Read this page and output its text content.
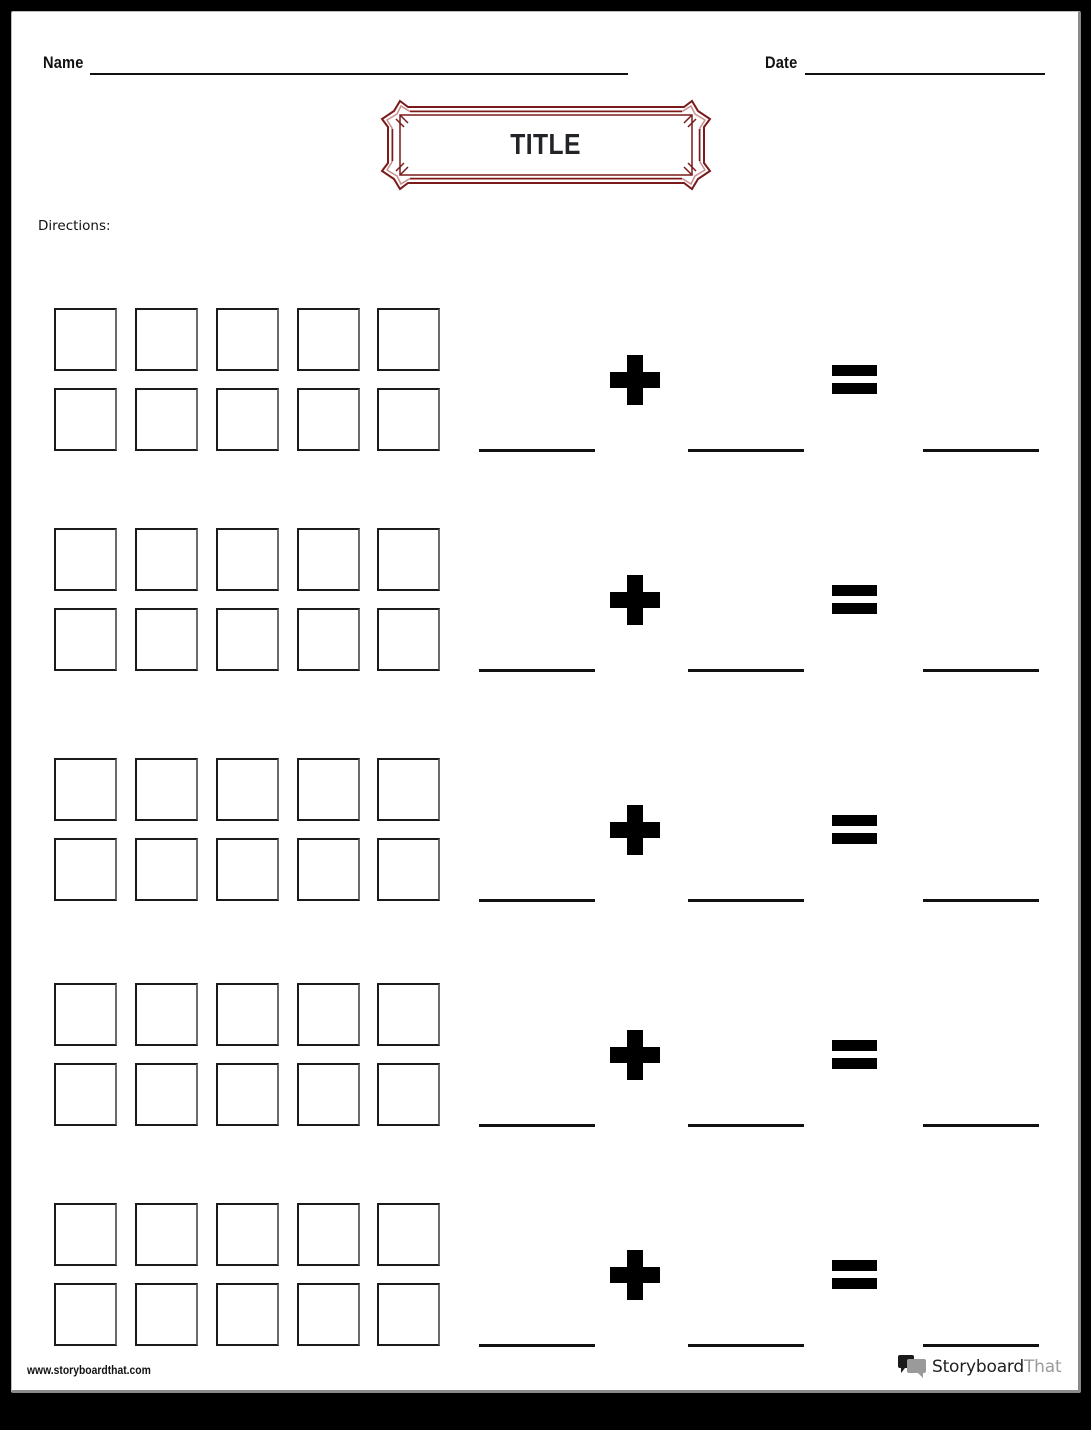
Name	Date
TITLE
Directions:
www.storyboardthat.com	StoryboardThat
